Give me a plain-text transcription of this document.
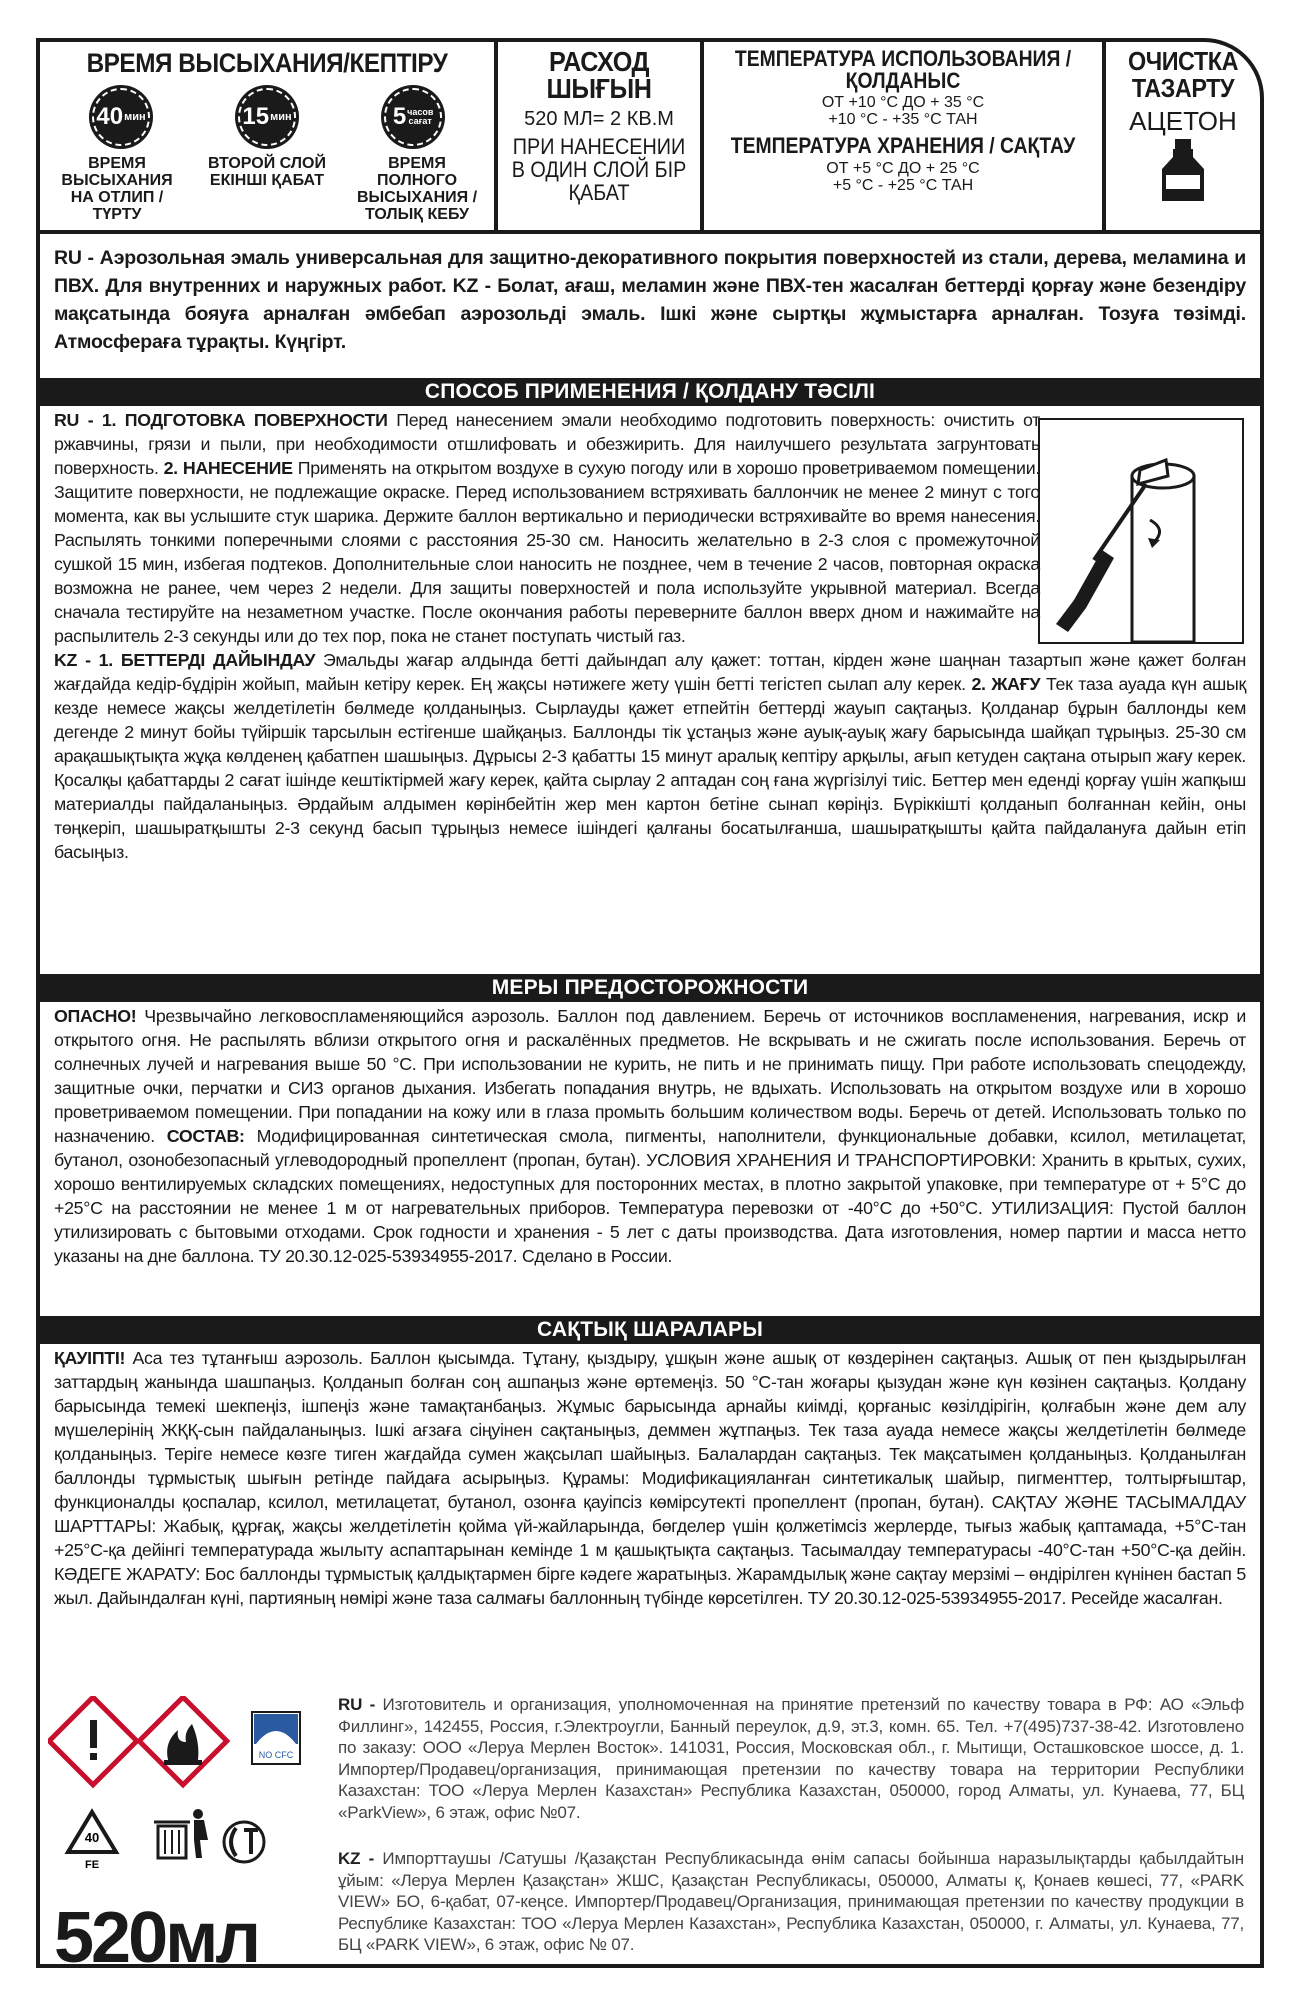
ВРЕМЯ ВЫСЫХАНИЯ/КЕПТІРУ
40 мин	15 мин	5 часов сағат
ВРЕМЯ ВЫСЫХАНИЯ НА ОТЛИП / ТҮРТУ
ВТОРОЙ СЛОЙ ЕКІНШІ ҚАБАТ
ВРЕМЯ ПОЛНОГО ВЫСЫХАНИЯ / ТОЛЫҚ КЕБУ
РАСХОД ШЫҒЫН
520 МЛ= 2 КВ.М
ПРИ НАНЕСЕНИИ В ОДИН СЛОЙ БІР ҚАБАТ
ТЕМПЕРАТУРА ИСПОЛЬЗОВАНИЯ / ҚОЛДАНЫС
ОТ +10 °С ДО + 35 °С
+10 °С - +35 °С ТАН
ТЕМПЕРАТУРА ХРАНЕНИЯ / САҚТАУ
ОТ +5 °С ДО + 25 °С
+5 °С - +25 °С ТАН
ОЧИСТКА ТАЗАРТУ
АЦЕТОН
RU - Аэрозольная эмаль универсальная для защитно-декоративного покрытия поверхностей из стали, дерева, меламина и ПВХ. Для внутренних и наружных работ. KZ - Болат, ағаш, меламин және ПВХ-тен жасалған беттерді қорғау және безендіру мақсатында бояуға арналған әмбебап аэрозольді эмаль. Ішкі және сыртқы жұмыстарға арналған. Тозуға төзімді. Атмосфераға тұрақты. Күңгірт.
СПОСОБ ПРИМЕНЕНИЯ / ҚОЛДАНУ ТӘСІЛІ
RU - 1. ПОДГОТОВКА ПОВЕРХНОСТИ Перед нанесением эмали необходимо подготовить поверхность: очистить от ржавчины, грязи и пыли, при необходимости отшлифовать и обезжирить. Для наилучшего результата загрунтовать поверхность. 2. НАНЕСЕНИЕ Применять на открытом воздухе в сухую погоду или в хорошо проветриваемом помещении. Защитите поверхности, не подлежащие окраске. Перед использованием встряхивать баллончик не менее 2 минут с того момента, как вы услышите стук шарика. Держите баллон вертикально и периодически встряхивайте во время нанесения. Распылять тонкими поперечными слоями с расстояния 25-30 см. Наносить желательно в 2-3 слоя с промежуточной сушкой 15 мин, избегая подтеков. Дополнительные слои наносить не позднее, чем в течение 2 часов, повторная окраска возможна не ранее, чем через 2 недели. Для защиты поверхностей и пола используйте укрывной материал. Всегда сначала тестируйте на незаметном участке. После окончания работы переверните баллон вверх дном и нажимайте на распылитель 2-3 секунды или до тех пор, пока не станет поступать чистый газ.
МЕРЫ ПРЕДОСТОРОЖНОСТИ
ОПАСНО! Чрезвычайно легковоспламеняющийся аэрозоль. Баллон под давлением. Беречь от источников воспламенения, нагревания, искр и открытого огня. Не распылять вблизи открытого огня и раскалённых предметов. Не вскрывать и не сжигать после использования. Беречь от солнечных лучей и нагревания выше 50 °С. При использовании не курить, не пить и не принимать пищу. При работе использовать спецодежду, защитные очки, перчатки и СИЗ органов дыхания. Избегать попадания внутрь, не вдыхать. Использовать на открытом воздухе или в хорошо проветриваемом помещении. При попадании на кожу или в глаза промыть большим количеством воды. Беречь от детей. Использовать только по назначению. СОСТАВ: Модифицированная синтетическая смола, пигменты, наполнители, функциональные добавки, ксилол, метилацетат, бутанол, озонобезопасный углеводородный пропеллент (пропан, бутан). УСЛОВИЯ ХРАНЕНИЯ И ТРАНСПОРТИРОВКИ: Хранить в крытых, сухих, хорошо вентилируемых складских помещениях, недоступных для посторонних местах, в плотно закрытой упаковке, при температуре от + 5°С до +25°С на расстоянии не менее 1 м от нагревательных приборов. Температура перевозки от -40°С до +50°С. УТИЛИЗАЦИЯ: Пустой баллон утилизировать с бытовыми отходами. Срок годности и хранения - 5 лет с даты производства. Дата изготовления, номер партии и масса нетто указаны на дне баллона. ТУ 20.30.12-025-53934955-2017. Сделано в России.
САҚТЫҚ ШАРАЛАРЫ
ҚАУІПТІ! Аса тез тұтанғыш аэрозоль. Баллон қысымда. Тұтану, қыздыру, ұшқын және ашық от көздерінен сақтаңыз. Ашық от пен қыздырылған заттардың жанында шашпаңыз. Қолданып болған соң ашпаңыз және өртемеңіз. 50 °С-тан жоғары қызудан және күн көзінен сақтаңыз. Қолдану барысында темекі шекпеңіз, ішпеңіз және тамақтанбаңыз. Жұмыс барысында арнайы киімді, қорғаныс көзілдірігін, қолғабын және дем алу мүшелерінің ЖҚҚ-сын пайдаланыңыз. Ішкі ағзаға сіңуінен сақтаныңыз, деммен жұтпаңыз. Тек таза ауада немесе жақсы желдетілетін бөлмеде қолданыңыз. Теріге немесе көзге тиген жағдайда сумен жақсылап шайыңыз. Балалардан сақтаңыз. Тек мақсатымен қолданыңыз. Қолданылған баллонды тұрмыстық шығын ретінде пайдаға асырыңыз. Құрамы: Модификацияланған синтетикалық шайыр, пигменттер, толтырғыштар, функционалды қоспалар, ксилол, метилацетат, бутанол, озонға қауіпсіз көмірсутекті пропеллент (пропан, бутан). САҚТАУ ЖӘНЕ ТАСЫМАЛДАУ ШАРТТАРЫ: Жабық, құрғақ, жақсы желдетілетін қойма үй-жайларында, бөгделер үшін қолжетімсіз жерлерде, тығыз жабық қаптамада, +5°С-тан +25°С-қа дейінгі температурада жылыту аспаптарынан кемінде 1 м қашықтықта сақтаңыз. Тасымалдау температурасы -40°С-тан +50°С-қа дейін. КӘДЕГЕ ЖАРАТУ: Бос баллонды тұрмыстық қалдықтармен бірге кәдеге жаратыңыз. Жарамдылық және сақтау мерзімі – өндірілген күнінен бастап 5 жыл. Дайындалған күні, партияның нөмірі және таза салмағы баллонның түбінде көрсетілген. ТУ 20.30.12-025-53934955-2017. Ресейде жасалған.
NO CFC
40
FE
RU - Изготовитель и организация, уполномоченная на принятие претензий по качеству товара в РФ: АО «Эльф Филлинг», 142455, Россия, г.Электроугли, Банный переулок, д.9, эт.3, комн. 65. Тел. +7(495)737-38-42. Изготовлено по заказу: ООО «Леруа Мерлен Восток». 141031, Россия, Московская обл., г. Мытищи, Осташковское шоссе, д. 1. Импортер/Продавец/организация, принимающая претензии по качеству товара на территории Республики Казахстан: ТОО «Леруа Мерлен Казахстан» Республика Казахстан, 050000, город Алматы, ул. Кунаева, 77, БЦ «ParkView», 6 этаж, офис №07.
KZ - Импорттаушы /Сатушы /Қазақстан Республикасында өнім сапасы бойынша наразылықтарды қабылдайтын ұйым: «Леруа Мерлен Қазақстан» ЖШС, Қазақстан Республикасы, 050000, Алматы қ, Қонаев көшесі, 77, «PARK VIEW» БО, 6-қабат, 07-кеңсе. Импортер/Продавец/Организация, принимающая претензии по качеству продукции в Республике Казахстан: ТОО «Леруа Мерлен Казахстан», Республика Казахстан, 050000, г. Алматы, ул. Кунаева, 77, БЦ «PARK VIEW», 6 этаж, офис № 07.
520мл
KZ - 1. БЕТТЕРДІ ДАЙЫНДАУ Эмальды жағар алдында бетті дайындап алу қажет: тоттан, кірден және шаңнан тазартып және қажет болған жағдайда кедір-бұдірін жойып, майын кетіру керек. Ең жақсы нәтижеге жету үшін бетті тегістеп сылап алу керек. 2. ЖАҒУ Тек таза ауада күн ашық кезде немесе жақсы желдетілетін бөлмеде қолданыңыз. Сырлауды қажет етпейтін беттерді жауып сақтаңыз. Қолданар бұрын баллонды кем дегенде 2 минут бойы түйіршік тарсылын естігенше шайқаңыз. Баллонды тік ұстаңыз және ауық-ауық жағу барысында шайқап тұрыңыз. 25-30 см арақашықтықта жұқа көлденең қабатпен шашыңыз. Дұрысы 2-3 қабатты 15 минут аралық кептіру арқылы, ағып кетуден сақтана отырып жағу керек. Қосалқы қабаттарды 2 сағат ішінде кештіктірмей жағу керек, қайта сырлау 2 аптадан соң ғана жүргізілуі тиіс. Беттер мен едендi қорғау үшін жапқыш материалды пайдаланыңыз. Әрдайым алдымен көрінбейтін жер мен картон бетіне сынап көріңіз. Бүріккішті қолданып болғаннан кейін, оны төңкеріп, шашыратқышты 2-3 секунд басып тұрыңыз немесе ішіндегі қалғаны босатылғанша, шашыратқышты қайта пайдалануға дайын етіп басыңыз.
